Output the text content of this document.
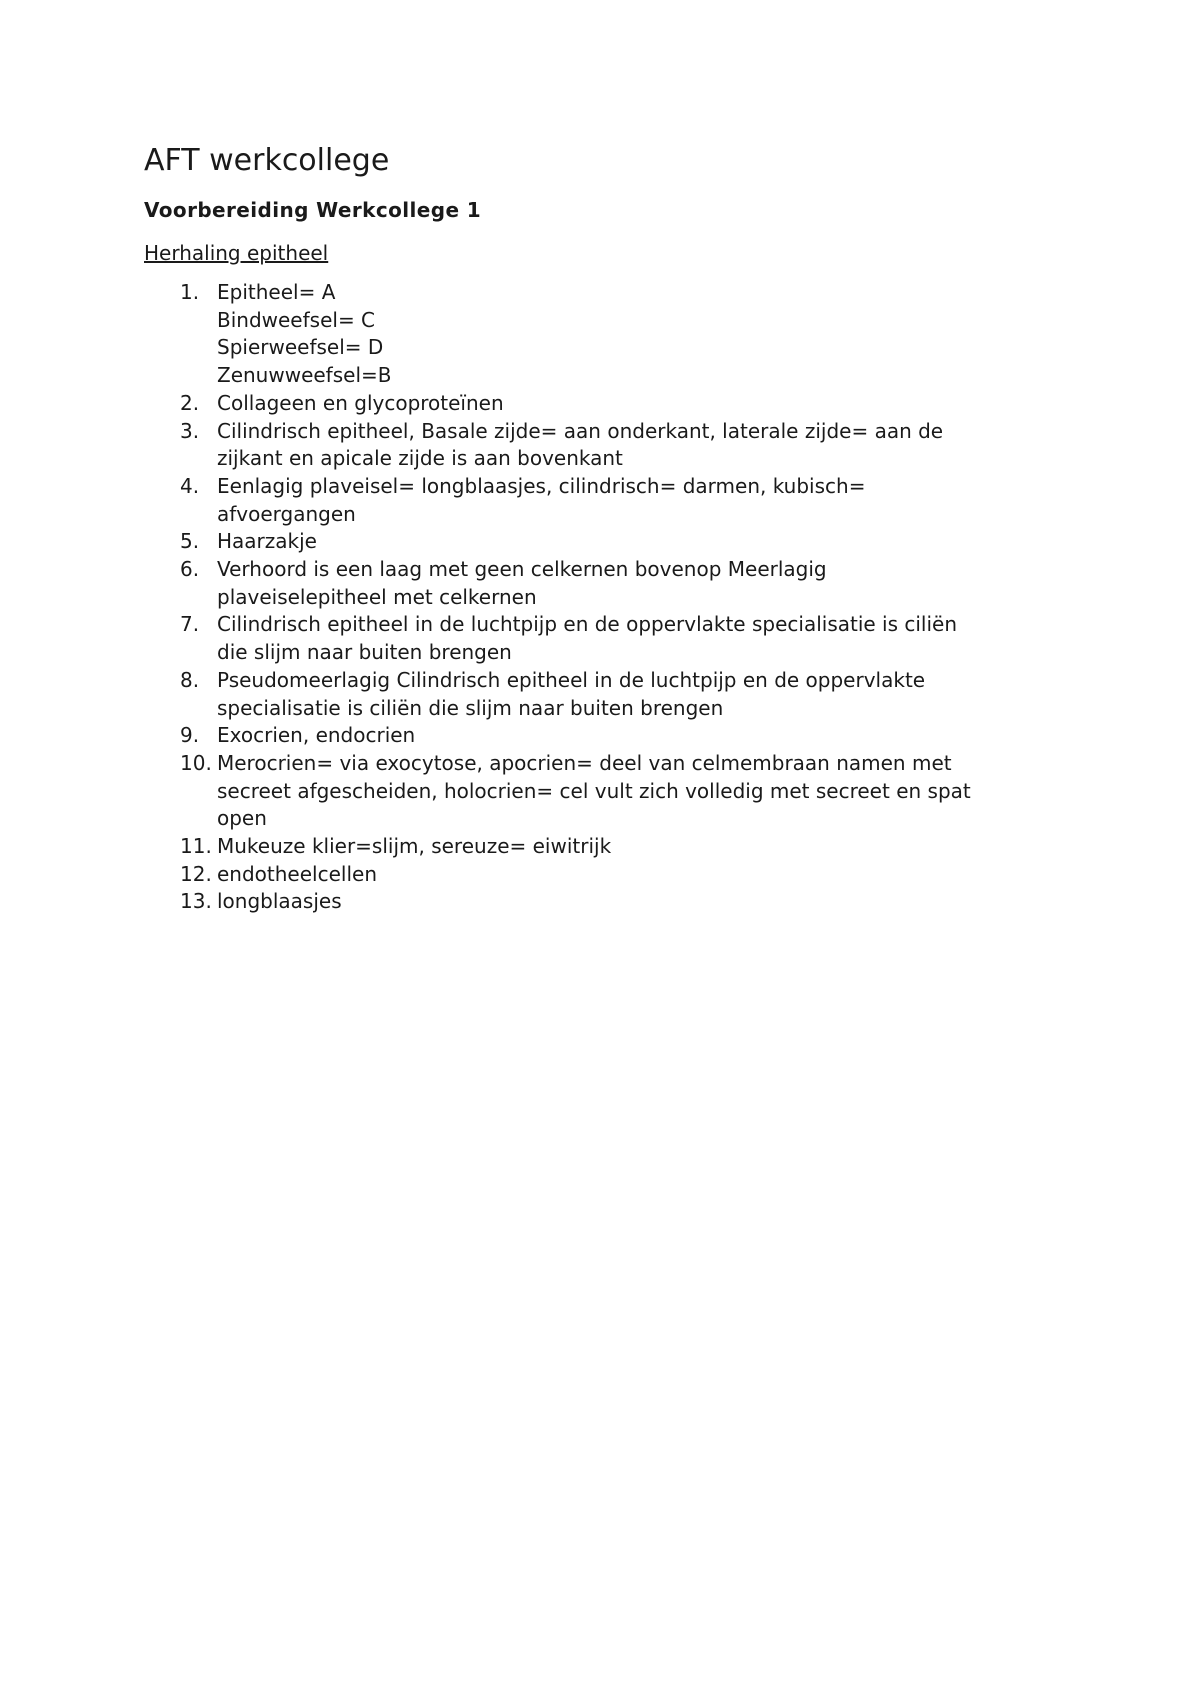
AFT werkcollege
Voorbereiding Werkcollege 1
Herhaling epitheel
1. Epitheel= A
Bindweefsel= C
Spierweefsel= D
Zenuwweefsel=B
2. Collageen en glycoproteïnen
3. Cilindrisch epitheel, Basale zijde= aan onderkant, laterale zijde= aan de
zijkant en apicale zijde is aan bovenkant
4. Eenlagig plaveisel= longblaasjes, cilindrisch= darmen, kubisch=
afvoergangen
5. Haarzakje
6. Verhoord is een laag met geen celkernen bovenop Meerlagig
plaveiselepitheel met celkernen
7. Cilindrisch epitheel in de luchtpijp en de oppervlakte specialisatie is ciliën
die slijm naar buiten brengen
8. Pseudomeerlagig Cilindrisch epitheel in de luchtpijp en de oppervlakte
specialisatie is ciliën die slijm naar buiten brengen
9. Exocrien, endocrien
10. Merocrien= via exocytose, apocrien= deel van celmembraan namen met
secreet afgescheiden, holocrien= cel vult zich volledig met secreet en spat
open
11. Mukeuze klier=slijm, sereuze= eiwitrijk
12. endotheelcellen
13. longblaasjes
